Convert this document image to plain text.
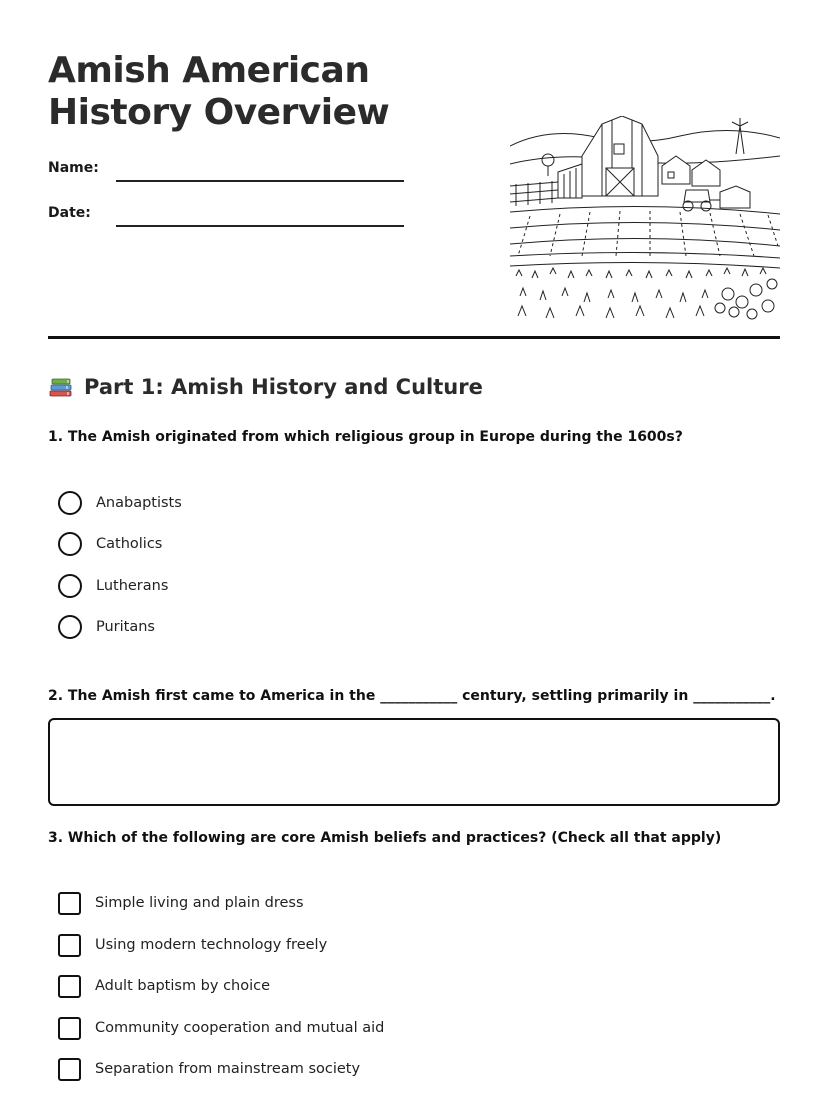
Amish American History Overview
Name:
Date:
Part 1: Amish History and Culture
1. The Amish originated from which religious group in Europe during the 1600s?
Anabaptists
Catholics
Lutherans
Puritans
2. The Amish first came to America in the ___________ century, settling primarily in ___________.
3. Which of the following are core Amish beliefs and practices? (Check all that apply)
Simple living and plain dress
Using modern technology freely
Adult baptism by choice
Community cooperation and mutual aid
Separation from mainstream society
